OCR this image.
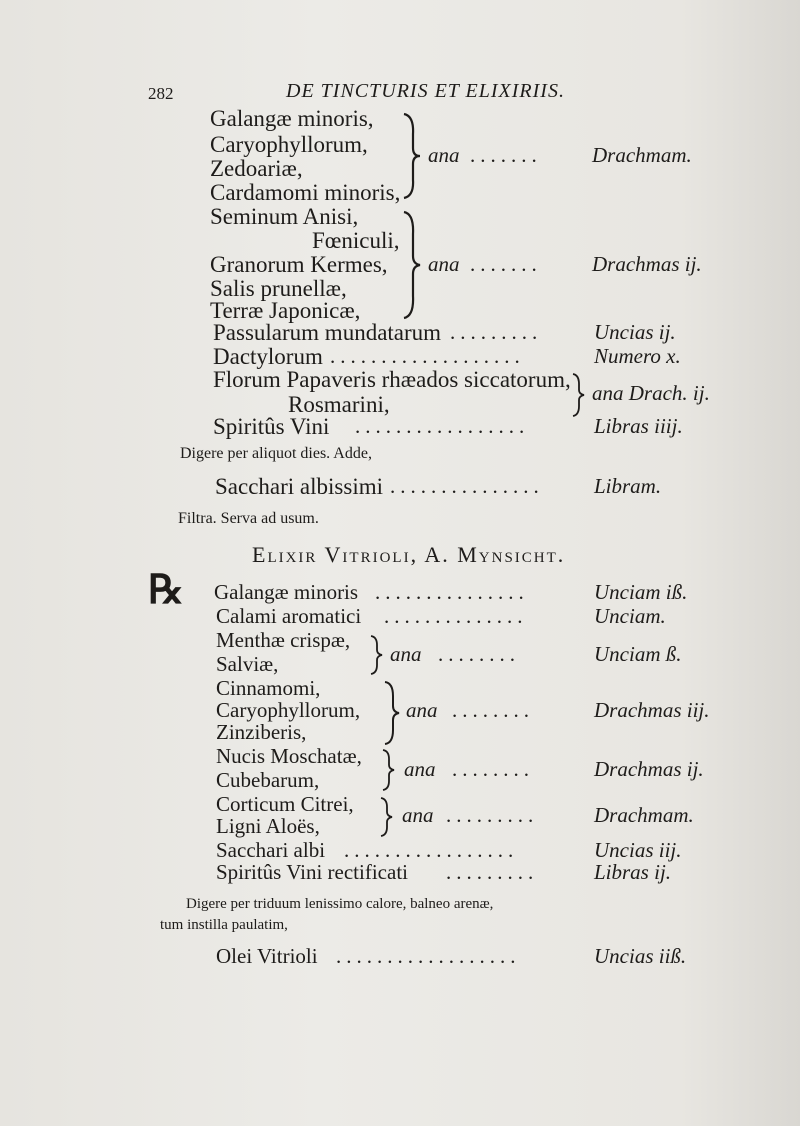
282	DE TINCTURIS ET ELIXIRIIS.
Galangæ minoris,
Caryophyllorum,
Zedoariæ,
Cardamomi minoris,
ana ....... Drachmam.
Seminum Anisi,
Fœniculi,
Granorum Kermes,
Salis prunellæ,
Terræ Japonicæ,
ana ....... Drachmas ij.
Passularum mundatarum ......... Uncias ij.
Dactylorum ...................	Numero x.
Florum Papaveris rhæados siccatorum,
Rosmarini,	ana Drach. ij.
Spiritûs Vini .................	Libras iiij.
Digere per aliquot dies. Adde,
Sacchari albissimi ............... Libram.
Filtra. Serva ad usum.
Elixir Vitrioli, A. Mynsicht.
℞ Galangæ minoris ...............	Unciam iß.
Calami aromatici ..............	Unciam.
Menthæ crispæ,
Salviæ,	ana ........	Unciam ß.
Cinnamomi,
Caryophyllorum,
Zinziberis,
ana ........	Drachmas iij.
Nucis Moschatæ,
Cubebarum,	ana ........	Drachmas ij.
Corticum Citrei,
Ligni Aloës,	ana .........	Drachmam.
Sacchari albi .................	Uncias iij.
Spiritûs Vini rectificati .........	Libras ij.
Digere per triduum lenissimo calore, balneo arenæ,
tum instilla paulatim,
Olei Vitrioli ..................	Uncias iiß.
